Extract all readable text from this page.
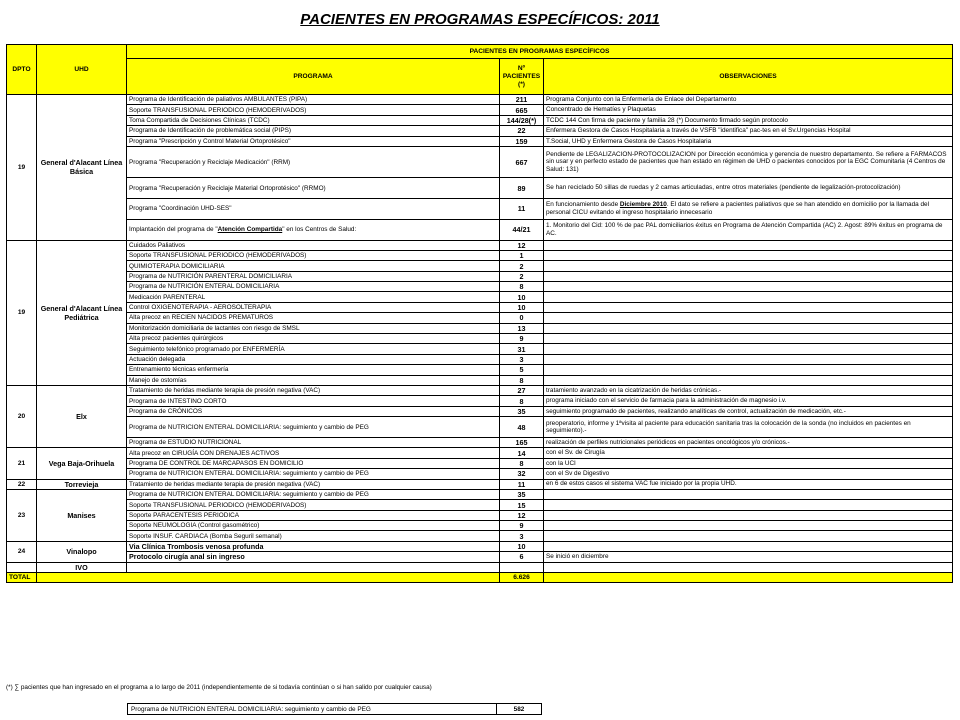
PACIENTES EN PROGRAMAS ESPECÍFICOS: 2011
DPTO	UHD	PACIENTES EN PROGRAMAS ESPECÍFICOS		
		PROGRAMA	Nº PACIENTES (*)	OBSERVACIONES
19	General d'Alacant Línea Básica	Programa de Identificación de paliativos AMBULANTES (PIPA)	211	Programa Conjunto con la Enfermería de Enlace del Departamento
		Soporte TRANSFUSIONAL PERIODICO (HEMODERIVADOS)	665	Concentrado de Hematíes y Plaquetas
		Toma Compartida de Decisiones Clínicas (TCDC)	144/28(*)	TCDC 144 Con firma de paciente y familia 28 (*) Documento firmado según protocolo
		Programa de Identificación de problemática social (PIPS)	22	Enfermera Gestora de Casos Hospitalaria a través de VSFB "identifica" pac-tes en el Sv.Urgencias Hospital
		Programa "Prescripción y Control Material Ortoprotésico"	159	T.Social, UHD y Enfermera Gestora de Casos Hospitalaria
		Programa "Recuperación y Reciclaje Medicación" (RRM)	667	Pendiente de LEGALIZACION-PROTOCOLIZACION por Dirección económica y gerencia de nuestro departamento. Se refiere a FARMACOS sin usar y en perfecto estado de pacientes que han estado en régimen de UHD o pacientes conocidos por la EGC Comunitaria (4 Centros de Salud: 131)
		Programa "Recuperación y Reciclaje Material Ortoprotésico" (RRMO)	89	Se han reciclado 50 sillas de ruedas y 2 camas articuladas, entre otros materiales (pendiente de legalización-protocolización)
		Programa "Coordinación UHD-SES"	11	En funcionamiento desde Diciembre 2010. El dato se refiere a pacientes paliativos que se han atendido en domicilio por la llamada del personal CICU evitando el ingreso hospitalario innecesario
		Implantación del programa de "Atención Compartida" en los Centros de Salud:	44/21	1. Monitorio del Cid: 100 % de pac PAL domiciliarios éxitus en Programa de Atención Compartida (AC) 2. Agost: 89% éxitus en programa de AC.
19	General d'Alacant Línea Pediátrica	Cuidados Paliativos	12	
		Soporte TRANSFUSIONAL PERIODICO (HEMODERIVADOS)	1	
		QUIMIOTERAPIA DOMICILIARIA	2	
		Programa de NUTRICIÓN PARENTERAL DOMICILIARIA	2	
		Programa de NUTRICIÓN ENTERAL DOMICILIARIA	8	
		Medicación PARENTERAL	10	
		Control OXIGENOTERAPIA - AEROSOLTERAPIA	10	
		Alta precoz en RECIEN NACIDOS PREMATUROS	0	
		Monitorización domiciliaria de lactantes con riesgo de SMSL	13	
		Alta precoz pacientes quirúrgicos	9	
		Seguimiento telefónico programado por ENFERMERÍA	31	
		Actuación delegada	3	
		Entrenamiento técnicas enfermería	5	
		Manejo de ostomías	8	
20	Elx	Tratamiento de heridas mediante terapia de presión negativa (VAC)	27	tratamiento avanzado en la cicatrización de heridas crónicas.-
		Programa de INTESTINO CORTO	8	programa iniciado con el servicio de farmacia para la administración de magnesio i.v.
		Programa de CRÓNICOS	35	seguimiento programado de pacientes, realizando analíticas de control, actualización de medicación, etc.-
		Programa de NUTRICION ENTERAL DOMICILIARIA: seguimiento y cambio de PEG	48	preoperatorio, informe y 1ªvisita al paciente para educación sanitaria tras la colocación de la sonda (no incluidos en pacientes en seguimiento).-
		Programa de ESTUDIO NUTRICIONAL	165	realización de perfiles nutricionales periódicos en pacientes oncológicos y/o crónicos.-
21	Vega Baja-Orihuela	Alta precoz en CIRUGÍA CON DRENAJES ACTIVOS	14	con el Sv. de Cirugía
		Programa DE CONTROL DE MARCAPASOS EN DOMICILIO	8	con la UCI
		Programa de NUTRICION ENTERAL DOMICILIARIA: seguimiento y cambio de PEG	32	con el Sv de Digestivo
22	Torrevieja	Tratamiento de heridas mediante terapia de presión negativa (VAC)	11	en 6 de estos casos el sistema VAC fue iniciado por la propia UHD.
23	Manises	Programa de NUTRICION ENTERAL DOMICILIARIA: seguimiento y cambio de PEG	35	
		Soporte TRANSFUSIONAL PERIODICO (HEMODERIVADOS)	15	
		Soporte PARACENTESIS PERIODICA	12	
		Soporte NEUMOLOGIA (Control gasométrico)	9	
		Soporte INSUF. CARDIACA (Bomba Seguril semanal)	3	
24	Vinalopo	Via Clínica Trombosis venosa profunda	10	
		Protocolo cirugía anal sin ingreso	6	Se inició en diciembre
	IVO			
TOTAL			6.626	
(*) ∑ pacientes que han ingresado en el programa a lo largo de 2011 (independientemente de si todavía continúan o si han salido por cualquier causa)
Programa de NUTRICION ENTERAL DOMICILIARIA: seguimiento y cambio de PEG	582
